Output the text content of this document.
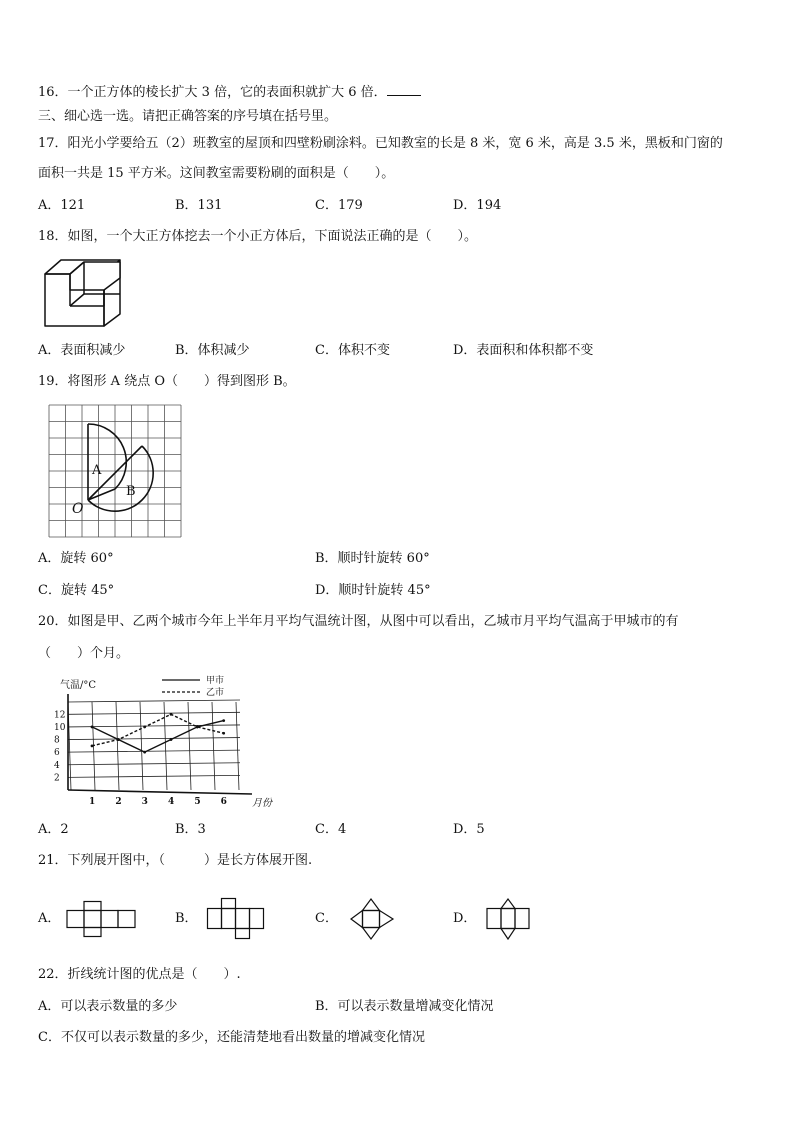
16．一个正方体的棱长扩大 3 倍，它的表面积就扩大 6 倍．
三、细心选一选。请把正确答案的序号填在括号里。
17．阳光小学要给五（2）班教室的屋顶和四壁粉刷涂料。已知教室的长是 8 米，宽 6 米，高是 3.5 米，黑板和门窗的
面积一共是 15 平方米。这间教室需要粉刷的面积是（　　）。
A．121	B．131	C．179	D．194
18．如图，一个大正方体挖去一个小正方体后，下面说法正确的是（　　）。
A．表面积减少	B．体积减少	C．体积不变	D．表面积和体积都不变
19．将图形 A 绕点 O（　　）得到图形 B。
A
B
O
A．旋转 60°	B．顺时针旋转 60°
C．旋转 45°	D．顺时针旋转 45°
20．如图是甲、乙两个城市今年上半年月平均气温统计图，从图中可以看出，乙城市月平均气温高于甲城市的有
（　　）个月。
气温/°C	甲市
乙市
月份
2
4
6
8
10
12
1 2 3 4 5 6
A．2	B．3	C．4	D．5
21．下列展开图中，（　　　）是长方体展开图.
A．	B．	C．	D．
22．折线统计图的优点是（　　）.
A．可以表示数量的多少	B．可以表示数量增减变化情况
C．不仅可以表示数量的多少，还能清楚地看出数量的增减变化情况
